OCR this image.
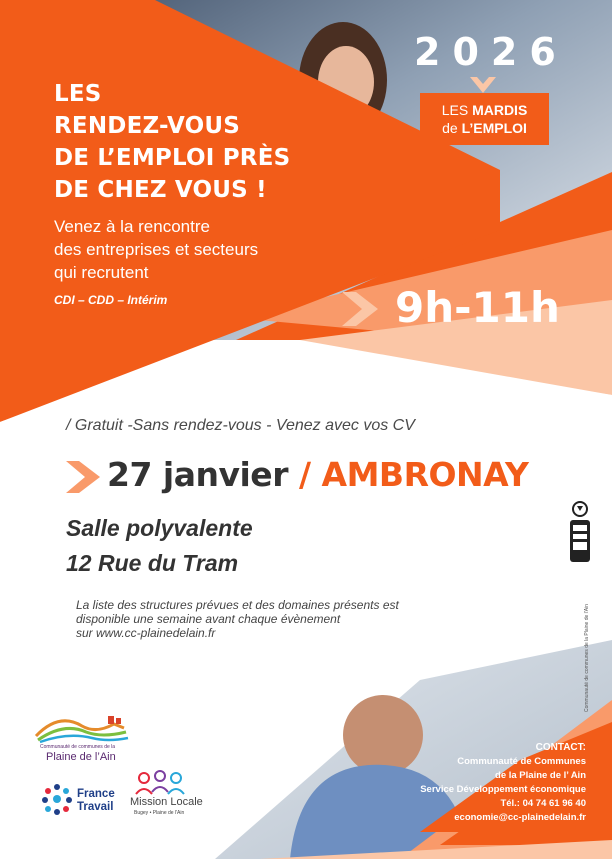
LES
RENDEZ-VOUS
DE L’EMPLOI PRÈS
DE CHEZ VOUS !
Venez à la rencontre
des entreprises et secteurs
qui recrutent
CDI – CDD – Intérim
2026
LES MARDIS
de L’EMPLOI
9h-11h
/ Gratuit -Sans rendez-vous - Venez avec vos CV
27 janvier / AMBRONAY
Salle polyvalente
12 Rue du Tram
La liste des structures prévues et des domaines présents est
disponible une semaine avant chaque évènement
sur www.cc-plainedelain.fr	Communauté de communes de la Plaine de l'Ain
CONTACT:
Communauté de Communes
de la Plaine de l’ Ain
Service Développement économique
Tél.: 04 74 61 96 40
economie@cc-plainedelain.fr
Communauté de communes de la
Plaine de l’Ain
France
Travail Mission Locale
Bugey • Plaine de l'Ain
